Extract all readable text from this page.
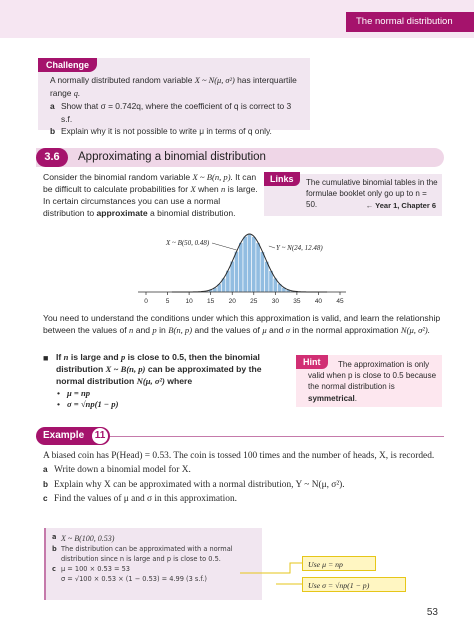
The normal distribution
Challenge
A normally distributed random variable X ~ N(μ, σ²) has interquartile range q.
a Show that σ = 0.742q, where the coefficient of q is correct to 3 s.f.
b Explain why it is not possible to write μ in terms of q only.
3.6	Approximating a binomial distribution
Consider the binomial random variable X ~ B(n, p). It can be difficult to calculate probabilities for X when n is large. In certain circumstances you can use a normal distribution to approximate a binomial distribution.
Links	The cumulative binomial tables in the formulae booklet only go up to n = 50.	← Year 1, Chapter 6
0	5 10 15 20 25 30 35 40 45
X ~ B(50, 0.48)
Y ~ N(24, 12.48)
You need to understand the conditions under which this approximation is valid, and learn the relationship between the values of n and p in B(n, p) and the values of μ and σ in the normal approximation N(μ, σ²).
■ If n is large and p is close to 0.5, then the binomial distribution X ~ B(n, p) can be approximated by the normal distribution N(μ, σ²) where
• μ = np
• σ = √np(1 − p)
Hint	The approximation is only valid when p is close to 0.5 because the normal distribution is symmetrical.
Example 11
A biased coin has P(Head) = 0.53. The coin is tossed 100 times and the number of heads, X, is recorded.
a Write down a binomial model for X.
b Explain why X can be approximated with a normal distribution, Y ~ N(μ, σ²).
c Find the values of μ and σ in this approximation.
a X ~ B(100, 0.53)
b The distribution can be approximated with a normal distribution since n is large and p is close to 0.5.
c μ = 100 × 0.53 = 53
σ = √100 × 0.53 × (1 − 0.53) = 4.99 (3 s.f.)
Use μ = np
Use σ = √np(1 − p)
53
